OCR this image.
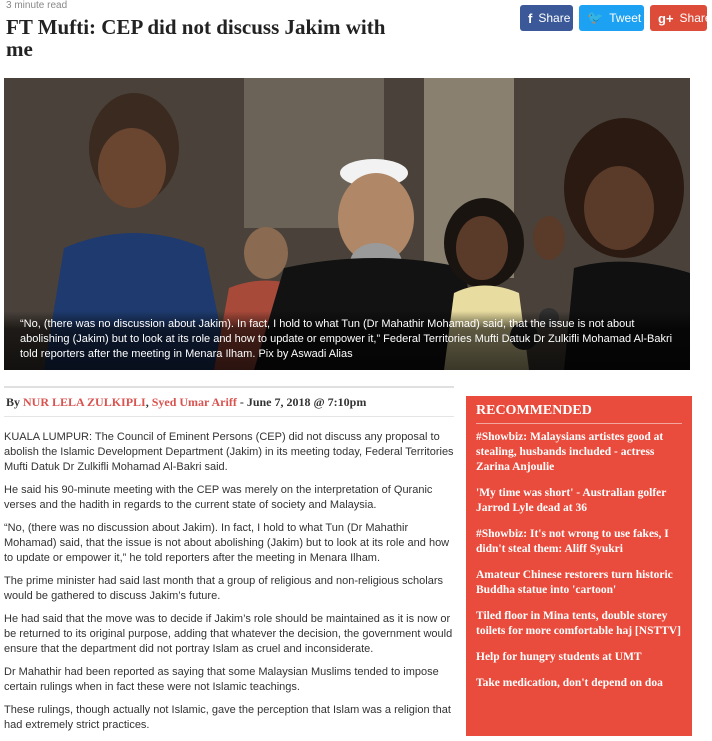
3 minute read
FT Mufti: CEP did not discuss Jakim with me
f Share 🐦 Tweet g+ Share
“No, (there was no discussion about Jakim). In fact, I hold to what Tun (Dr Mahathir Mohamad) said, that the issue is not about abolishing (Jakim) but to look at its role and how to update or empower it,” Federal Territories Mufti Datuk Dr Zulkifli Mohamad Al-Bakri told reporters after the meeting in Menara Ilham. Pix by Aswadi Alias
By NUR LELA ZULKIPLI, Syed Umar Ariff - June 7, 2018 @ 7:10pm

KUALA LUMPUR: The Council of Eminent Persons (CEP) did not discuss any proposal to abolish the Islamic Development Department (Jakim) in its meeting today, Federal Territories Mufti Datuk Dr Zulkifli Mohamad Al-Bakri said.

He said his 90-minute meeting with the CEP was merely on the interpretation of Quranic verses and the hadith in regards to the current state of society and Malaysia.

“No, (there was no discussion about Jakim). In fact, I hold to what Tun (Dr Mahathir Mohamad) said, that the issue is not about abolishing (Jakim) but to look at its role and how to update or empower it,” he told reporters after the meeting in Menara Ilham.

The prime minister had said last month that a group of religious and non-religious scholars would be gathered to discuss Jakim’s future.

He had said that the move was to decide if Jakim’s role should be maintained as it is now or be returned to its original purpose, adding that whatever the decision, the government would ensure that the department did not portray Islam as cruel and inconsiderate.

Dr Mahathir had been reported as saying that some Malaysian Muslims tended to impose certain rulings when in fact these were not Islamic teachings.

These rulings, though actually not Islamic, gave the perception that Islam was a religion that had extremely strict practices.

RECOMMENDED
#Showbiz: Malaysians artistes good at stealing, husbands included - actress Zarina Anjoulie
'My time was short' - Australian golfer Jarrod Lyle dead at 36
#Showbiz: It's not wrong to use fakes, I didn't steal them: Aliff Syukri
Amateur Chinese restorers turn historic Buddha statue into 'cartoon'
Tiled floor in Mina tents, double storey toilets for more comfortable haj [NSTTV]
Help for hungry students at UMT
Take medication, don't depend on doa
